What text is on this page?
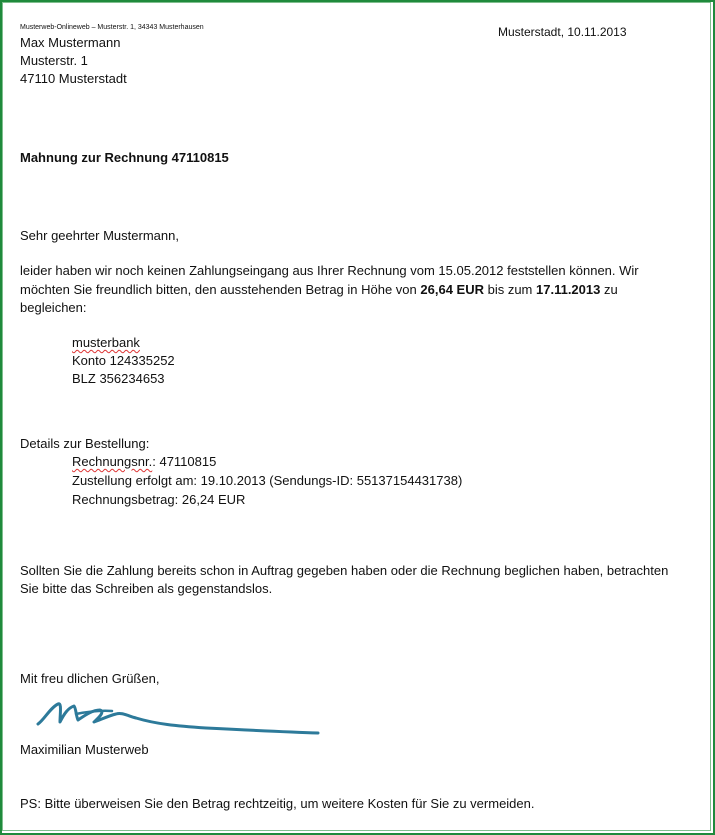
Musterweb-Onlineweb – Musterstr. 1, 34343 Musterhausen	Musterstadt, 10.11.2013
Max Mustermann
Musterstr. 1
47110 Musterstadt
Mahnung zur Rechnung 47110815
Sehr geehrter Mustermann,
leider haben wir noch keinen Zahlungseingang aus Ihrer Rechnung vom 15.05.2012 feststellen können. Wir
möchten Sie freundlich bitten, den ausstehenden Betrag in Höhe von 26,64 EUR bis zum 17.11.2013 zu
begleichen:
musterbank
Konto 124335252
BLZ 356234653
Details zur Bestellung:
Rechnungsnr.: 47110815
Zustellung erfolgt am: 19.10.2013 (Sendungs-ID: 55137154431738)
Rechnungsbetrag: 26,24 EUR
Sollten Sie die Zahlung bereits schon in Auftrag gegeben haben oder die Rechnung beglichen haben, betrachten
Sie bitte das Schreiben als gegenstandslos.
Mit freu dlichen Grüßen,
Maximilian Musterweb
PS: Bitte überweisen Sie den Betrag rechtzeitig, um weitere Kosten für Sie zu vermeiden.
